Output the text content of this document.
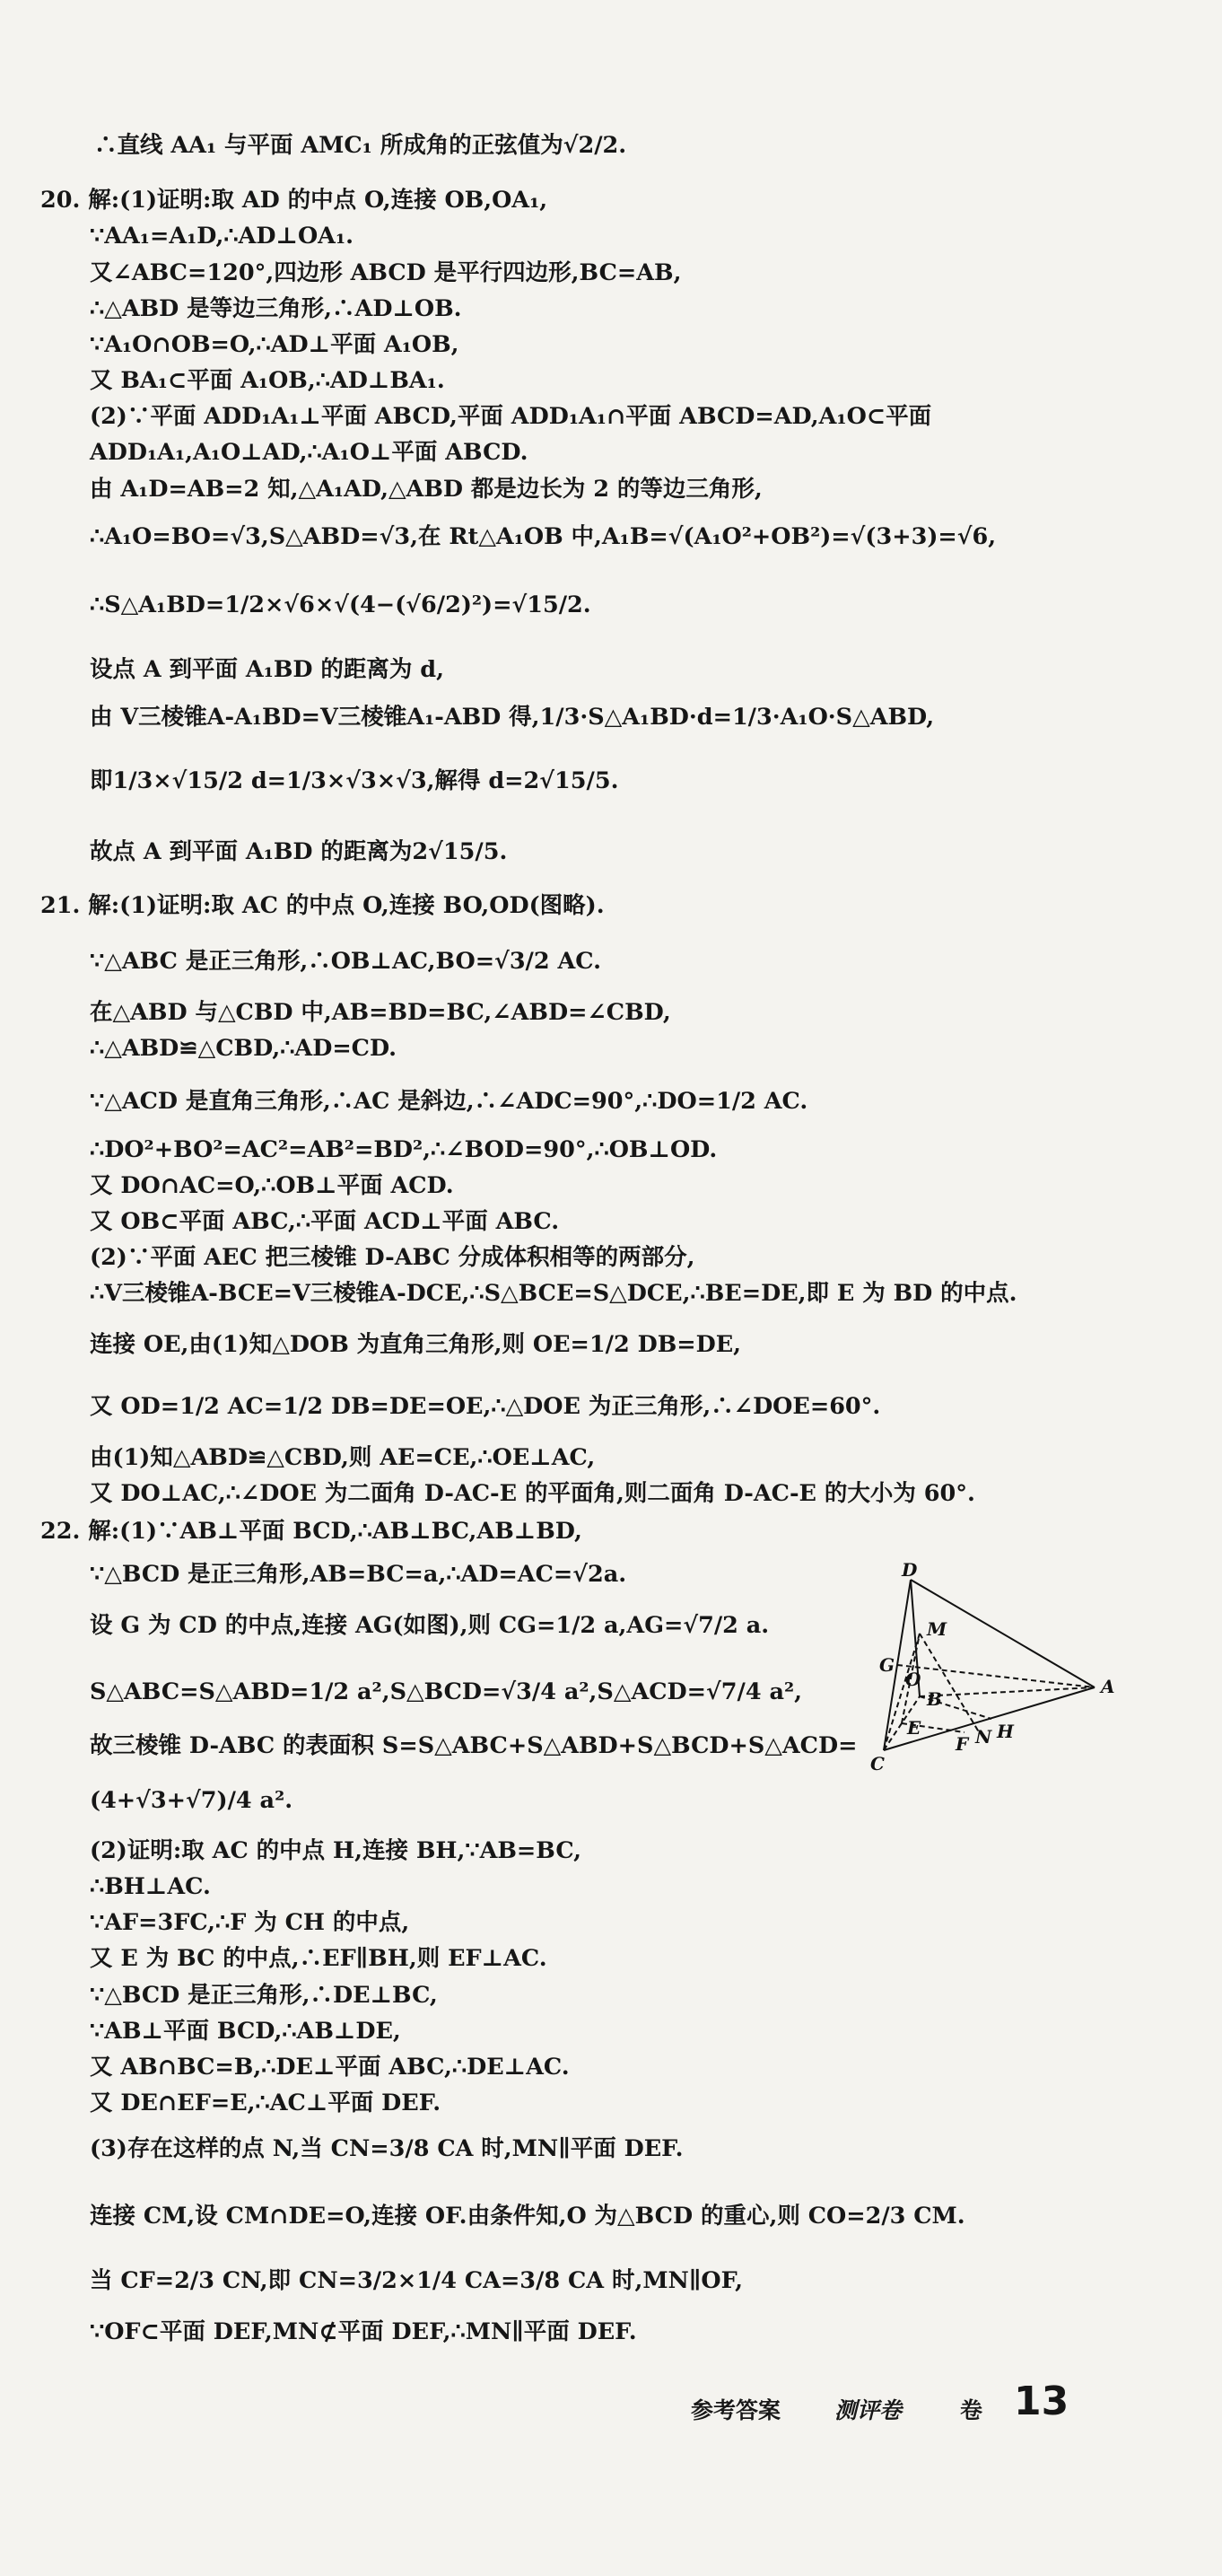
∴直线 AA₁ 与平面 AMC₁ 所成角的正弦值为√2/2.
20. 解:(1)证明:取 AD 的中点 O,连接 OB,OA₁,
∵AA₁=A₁D,∴AD⊥OA₁.
又∠ABC=120°,四边形 ABCD 是平行四边形,BC=AB,
∴△ABD 是等边三角形,∴AD⊥OB.
∵A₁O∩OB=O,∴AD⊥平面 A₁OB,
又 BA₁⊂平面 A₁OB,∴AD⊥BA₁.
(2)∵平面 ADD₁A₁⊥平面 ABCD,平面 ADD₁A₁∩平面 ABCD=AD,A₁O⊂平面
ADD₁A₁,A₁O⊥AD,∴A₁O⊥平面 ABCD.
由 A₁D=AB=2 知,△A₁AD,△ABD 都是边长为 2 的等边三角形,
∴A₁O=BO=√3,S△ABD=√3,在 Rt△A₁OB 中,A₁B=√(A₁O²+OB²)=√(3+3)=√6,
∴S△A₁BD=1/2×√6×√(4−(√6/2)²)=√15/2.
设点 A 到平面 A₁BD 的距离为 d,
由 V三棱锥A-A₁BD=V三棱锥A₁-ABD 得,1/3·S△A₁BD·d=1/3·A₁O·S△ABD,
即1/3×√15/2 d=1/3×√3×√3,解得 d=2√15/5.
故点 A 到平面 A₁BD 的距离为2√15/5.
21. 解:(1)证明:取 AC 的中点 O,连接 BO,OD(图略).
∵△ABC 是正三角形,∴OB⊥AC,BO=√3/2 AC.
在△ABD 与△CBD 中,AB=BD=BC,∠ABD=∠CBD,
∴△ABD≌△CBD,∴AD=CD.
∵△ACD 是直角三角形,∴AC 是斜边,∴∠ADC=90°,∴DO=1/2 AC.
∴DO²+BO²=AC²=AB²=BD²,∴∠BOD=90°,∴OB⊥OD.
又 DO∩AC=O,∴OB⊥平面 ACD.
又 OB⊂平面 ABC,∴平面 ACD⊥平面 ABC.
(2)∵平面 AEC 把三棱锥 D-ABC 分成体积相等的两部分,
∴V三棱锥A-BCE=V三棱锥A-DCE,∴S△BCE=S△DCE,∴BE=DE,即 E 为 BD 的中点.
连接 OE,由(1)知△DOB 为直角三角形,则 OE=1/2 DB=DE,
又 OD=1/2 AC=1/2 DB=DE=OE,∴△DOE 为正三角形,∴∠DOE=60°.
由(1)知△ABD≌△CBD,则 AE=CE,∴OE⊥AC,
又 DO⊥AC,∴∠DOE 为二面角 D-AC-E 的平面角,则二面角 D-AC-E 的大小为 60°.
22. 解:(1)∵AB⊥平面 BCD,∴AB⊥BC,AB⊥BD,
∵△BCD 是正三角形,AB=BC=a,∴AD=AC=√2a.
设 G 为 CD 的中点,连接 AG(如图),则 CG=1/2 a,AG=√7/2 a.
S△ABC=S△ABD=1/2 a²,S△BCD=√3/4 a²,S△ACD=√7/4 a²,
故三棱锥 D-ABC 的表面积 S=S△ABC+S△ABD+S△BCD+S△ACD=
(4+√3+√7)/4 a².
(2)证明:取 AC 的中点 H,连接 BH,∵AB=BC,
∴BH⊥AC.
∵AF=3FC,∴F 为 CH 的中点,
又 E 为 BC 的中点,∴EF∥BH,则 EF⊥AC.
∵△BCD 是正三角形,∴DE⊥BC,
∵AB⊥平面 BCD,∴AB⊥DE,
又 AB∩BC=B,∴DE⊥平面 ABC,∴DE⊥AC.
又 DE∩EF=E,∴AC⊥平面 DEF.
(3)存在这样的点 N,当 CN=3/8 CA 时,MN∥平面 DEF.
连接 CM,设 CM∩DE=O,连接 OF.由条件知,O 为△BCD 的重心,则 CO=2/3 CM.
当 CF=2/3 CN,即 CN=3/2×1/4 CA=3/8 CA 时,MN∥OF,
∵OF⊂平面 DEF,MN⊄平面 DEF,∴MN∥平面 DEF.
D
M
G
O
B
E
F N H
C
A
参考答案 测评卷	卷 13
